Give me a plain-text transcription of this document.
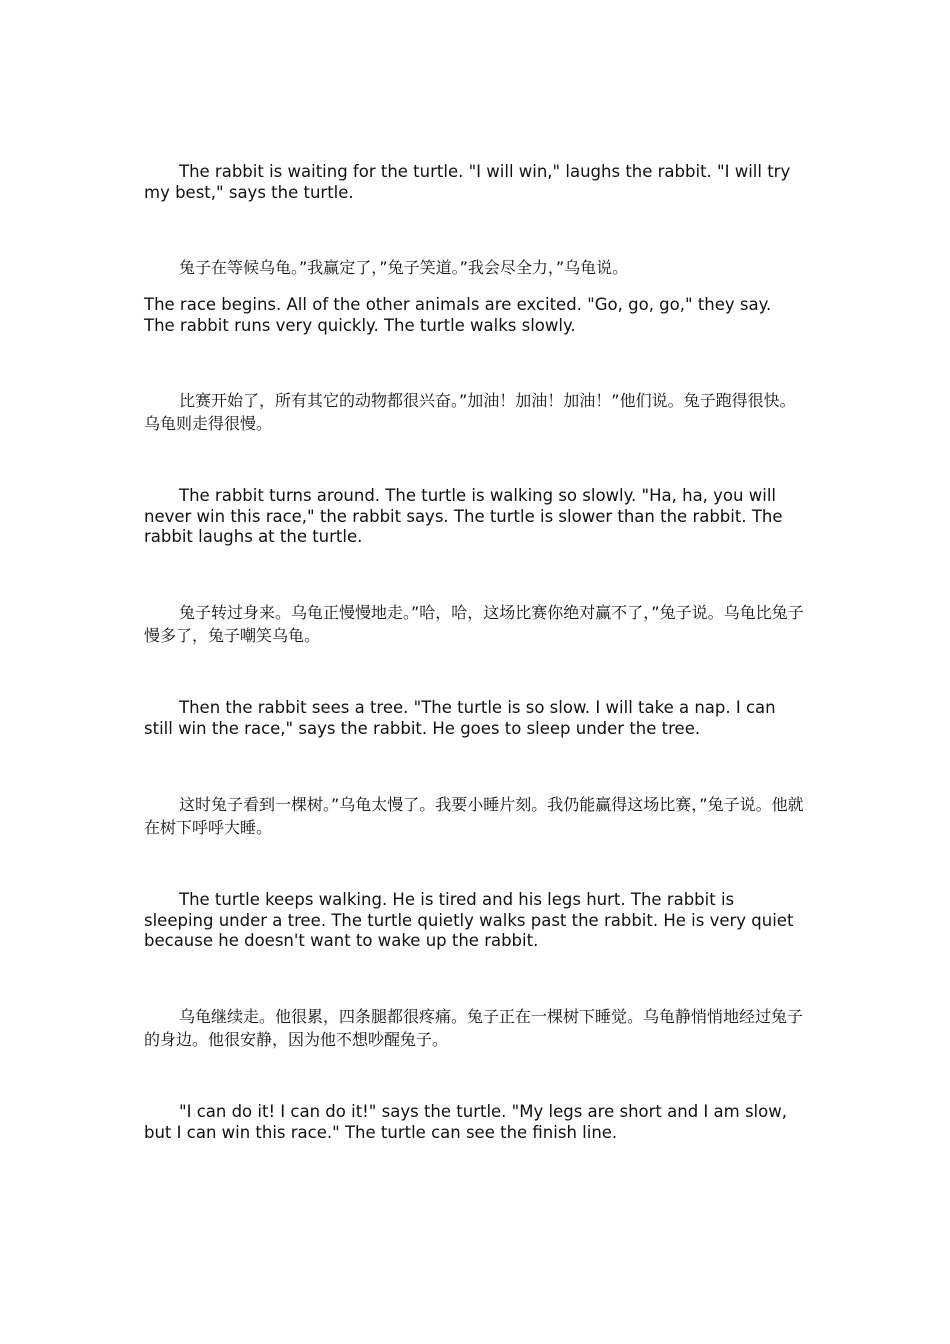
The rabbit is waiting for the turtle. "I will win," laughs the rabbit. "I will try my best," says the turtle.

兔子在等候乌龟。”我赢定了，”兔子笑道。”我会尽全力，”乌龟说。

The race begins. All of the other animals are excited. "Go, go, go," they say. The rabbit runs very quickly. The turtle walks slowly.

比赛开始了，所有其它的动物都很兴奋。”加油！加油！加油！”他们说。兔子跑得很快。乌龟则走得很慢。

The rabbit turns around. The turtle is walking so slowly. "Ha, ha, you will never win this race," the rabbit says. The turtle is slower than the rabbit. The rabbit laughs at the turtle.

兔子转过身来。乌龟正慢慢地走。”哈，哈，这场比赛你绝对赢不了，”兔子说。乌龟比兔子慢多了，兔子嘲笑乌龟。

Then the rabbit sees a tree. "The turtle is so slow. I will take a nap. I can still win the race," says the rabbit. He goes to sleep under the tree.

这时兔子看到一棵树。”乌龟太慢了。我要小睡片刻。我仍能赢得这场比赛，”兔子说。他就在树下呼呼大睡。

The turtle keeps walking. He is tired and his legs hurt. The rabbit is sleeping under a tree. The turtle quietly walks past the rabbit. He is very quiet because he doesn't want to wake up the rabbit.

乌龟继续走。他很累，四条腿都很疼痛。兔子正在一棵树下睡觉。乌龟静悄悄地经过兔子的身边。他很安静，因为他不想吵醒兔子。

"I can do it! I can do it!" says the turtle. "My legs are short and I am slow, but I can win this race." The turtle can see the finish line.
